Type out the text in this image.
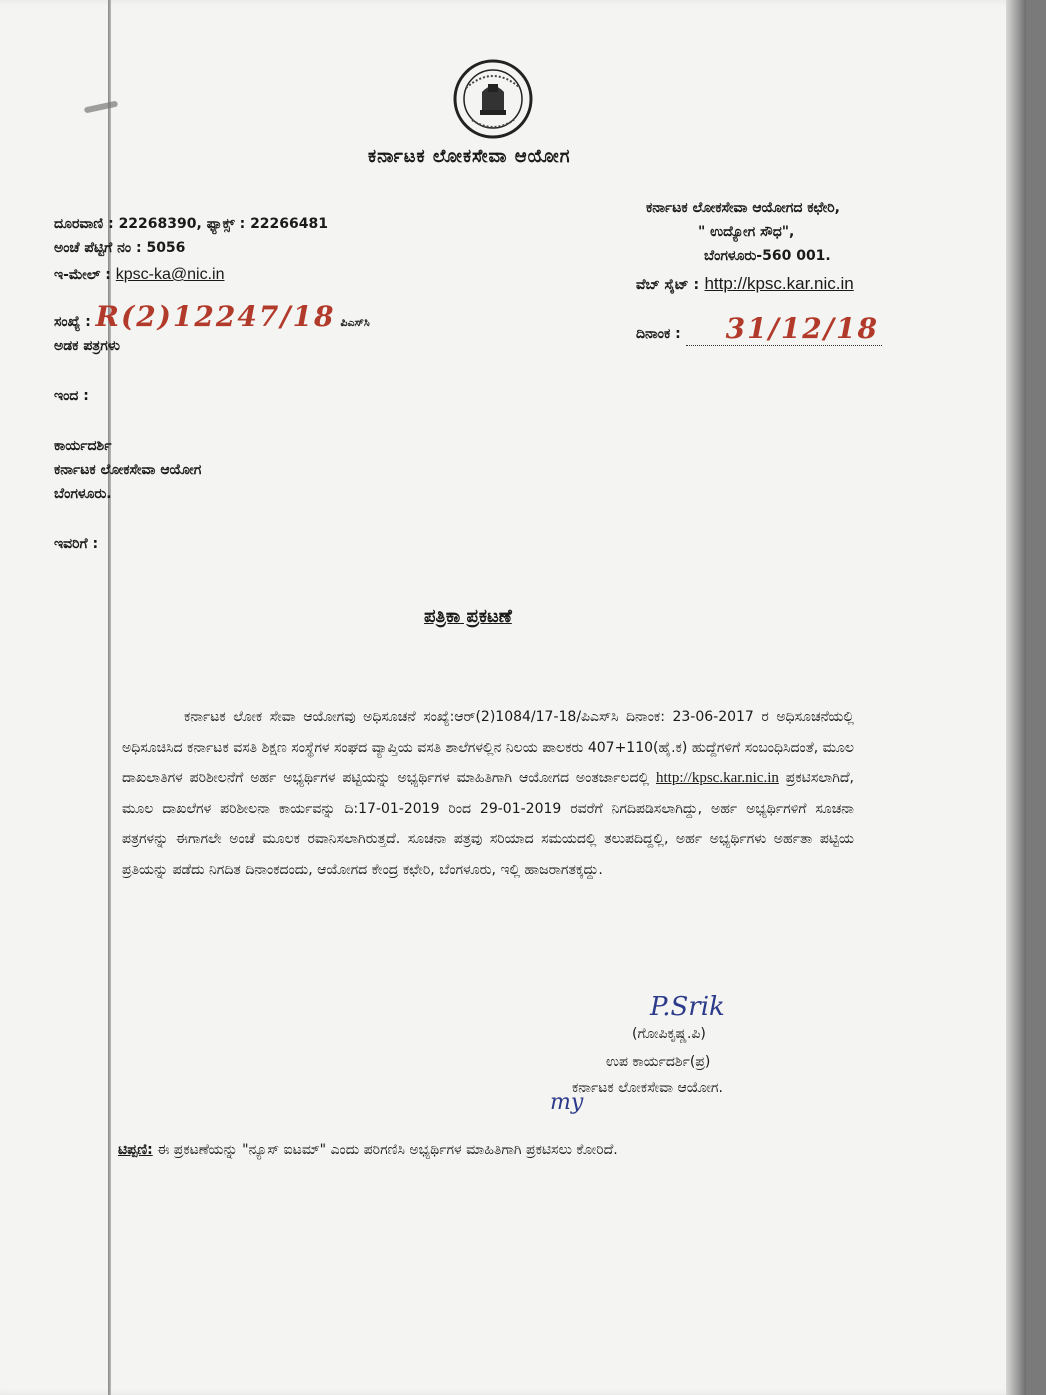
ಕರ್ನಾಟಕ ಲೋಕಸೇವಾ ಆಯೋಗ
ದೂರವಾಣಿ : 22268390, ಫ್ಯಾಕ್ಸ್ : 22266481
ಅಂಚೆ ಪೆಟ್ಟಿಗೆ ನಂ : 5056
ಇ-ಮೇಲ್ : kpsc-ka@nic.in
ಸಂಖ್ಯೆ : R(2)12247/18 ಪಿಎಸ್‌ಸಿ
ಅಡಕ ಪತ್ರಗಳು
ಕರ್ನಾಟಕ ಲೋಕಸೇವಾ ಆಯೋಗದ ಕಛೇರಿ,
" ಉದ್ಯೋಗ ಸೌಧ",
ಬೆಂಗಳೂರು-560 001.
ವೆಬ್ ಸೈಟ್ : http://kpsc.kar.nic.in
ದಿನಾಂಕ : 31/12/18
ಇಂದ :
ಕಾರ್ಯದರ್ಶಿ
ಕರ್ನಾಟಕ ಲೋಕಸೇವಾ ಆಯೋಗ
ಬೆಂಗಳೂರು.
ಇವರಿಗೆ :
ಪತ್ರಿಕಾ ಪ್ರಕಟಣೆ
ಕರ್ನಾಟಕ ಲೋಕ ಸೇವಾ ಆಯೋಗವು ಅಧಿಸೂಚನೆ ಸಂಖ್ಯೆ:ಆರ್(2)1084/17-18/ಪಿಎಸ್‌ಸಿ ದಿನಾಂಕ: 23-06-2017 ರ ಅಧಿಸೂಚನೆಯಲ್ಲಿ ಅಧಿಸೂಚಿಸಿದ ಕರ್ನಾಟಕ ವಸತಿ ಶಿಕ್ಷಣ ಸಂಸ್ಥೆಗಳ ಸಂಘದ ವ್ಯಾಪ್ತಿಯ ವಸತಿ ಶಾಲೆಗಳಲ್ಲಿನ ನಿಲಯ ಪಾಲಕರು 407+110(ಹೈ.ಕ) ಹುದ್ದೆಗಳಿಗೆ ಸಂಬಂಧಿಸಿದಂತೆ, ಮೂಲ ದಾಖಲಾತಿಗಳ ಪರಿಶೀಲನೆಗೆ ಅರ್ಹ ಅಭ್ಯರ್ಥಿಗಳ ಪಟ್ಟಿಯನ್ನು ಅಭ್ಯರ್ಥಿಗಳ ಮಾಹಿತಿಗಾಗಿ ಆಯೋಗದ ಅಂತರ್ಜಾಲದಲ್ಲಿ http://kpsc.kar.nic.in ಪ್ರಕಟಿಸಲಾಗಿದೆ, ಮೂಲ ದಾಖಲೆಗಳ ಪರಿಶೀಲನಾ ಕಾರ್ಯವನ್ನು ದಿ:17-01-2019 ರಿಂದ 29-01-2019 ರವರೆಗೆ ನಿಗದಿಪಡಿಸಲಾಗಿದ್ದು, ಅರ್ಹ ಅಭ್ಯರ್ಥಿಗಳಿಗೆ ಸೂಚನಾ ಪತ್ರಗಳನ್ನು ಈಗಾಗಲೇ ಅಂಚೆ ಮೂಲಕ ರವಾನಿಸಲಾಗಿರುತ್ತದೆ. ಸೂಚನಾ ಪತ್ರವು ಸರಿಯಾದ ಸಮಯದಲ್ಲಿ ತಲುಪದಿದ್ದಲ್ಲಿ, ಅರ್ಹ ಅಭ್ಯರ್ಥಿಗಳು ಅರ್ಹತಾ ಪಟ್ಟಿಯ ಪ್ರತಿಯನ್ನು ಪಡೆದು ನಿಗದಿತ ದಿನಾಂಕದಂದು, ಆಯೋಗದ ಕೇಂದ್ರ ಕಛೇರಿ, ಬೆಂಗಳೂರು, ಇಲ್ಲಿ ಹಾಜರಾಗತಕ್ಕದ್ದು.
P.Srik
(ಗೋಪಿಕೃಷ್ಣ.ಪಿ)
ಉಪ ಕಾರ್ಯದರ್ಶಿ(ಪ್ರ)
ಕರ್ನಾಟಕ ಲೋಕಸೇವಾ ಆಯೋಗ.
my
ಟಿಪ್ಪಣಿ: ಈ ಪ್ರಕಟಣೆಯನ್ನು "ನ್ಯೂಸ್ ಐಟಮ್" ಎಂದು ಪರಿಗಣಿಸಿ ಅಭ್ಯರ್ಥಿಗಳ ಮಾಹಿತಿಗಾಗಿ ಪ್ರಕಟಿಸಲು ಕೋರಿದೆ.
